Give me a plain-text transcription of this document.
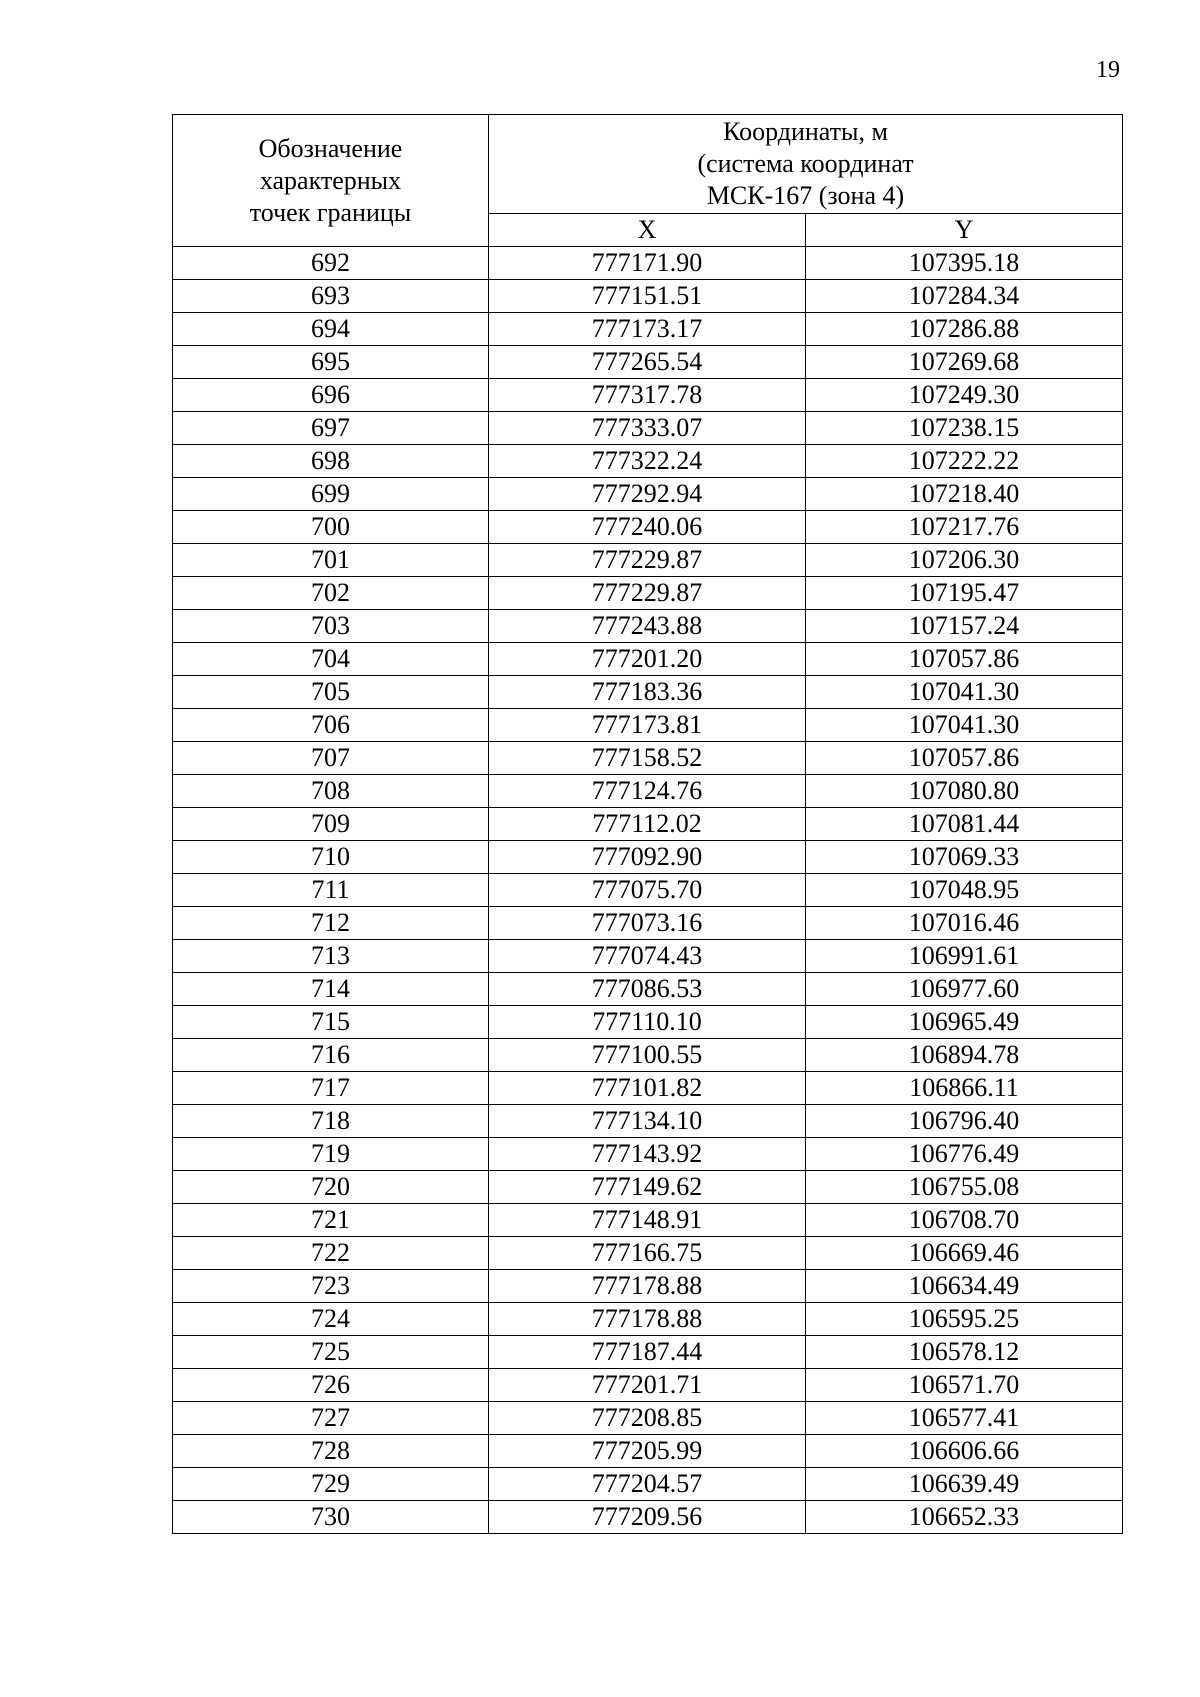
19
Обозначение
характерных
точек границы	Координаты, м
(система координат
МСК-167 (зона 4)	

	X	Y
692	777171.90	107395.18
693	777151.51	107284.34
694	777173.17	107286.88
695	777265.54	107269.68
696	777317.78	107249.30
697	777333.07	107238.15
698	777322.24	107222.22
699	777292.94	107218.40
700	777240.06	107217.76
701	777229.87	107206.30
702	777229.87	107195.47
703	777243.88	107157.24
704	777201.20	107057.86
705	777183.36	107041.30
706	777173.81	107041.30
707	777158.52	107057.86
708	777124.76	107080.80
709	777112.02	107081.44
710	777092.90	107069.33
711	777075.70	107048.95
712	777073.16	107016.46
713	777074.43	106991.61
714	777086.53	106977.60
715	777110.10	106965.49
716	777100.55	106894.78
717	777101.82	106866.11
718	777134.10	106796.40
719	777143.92	106776.49
720	777149.62	106755.08
721	777148.91	106708.70
722	777166.75	106669.46
723	777178.88	106634.49
724	777178.88	106595.25
725	777187.44	106578.12
726	777201.71	106571.70
727	777208.85	106577.41
728	777205.99	106606.66
729	777204.57	106639.49
730	777209.56	106652.33
